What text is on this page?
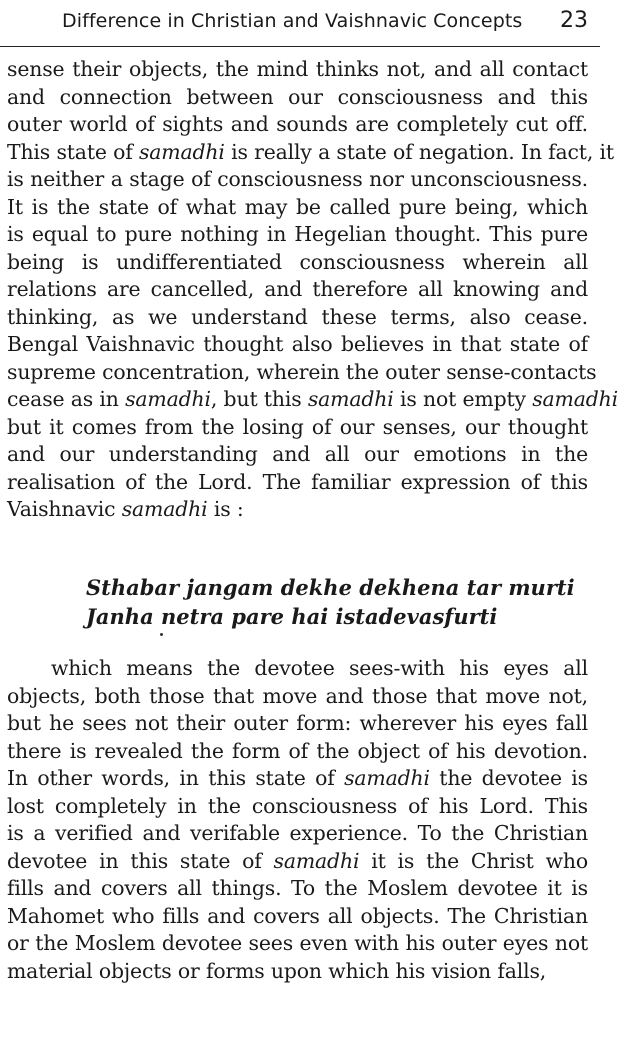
Difference in Christian and Vaishnavic Concepts 23

sense their objects, the mind thinks not, and all contact
and connection between our consciousness and this
outer world of sights and sounds are completely cut off.
This state of samadhi is really a state of negation. In fact, it
is neither a stage of consciousness nor unconsciousness.
It is the state of what may be called pure being, which
is equal to pure nothing in Hegelian thought. This pure
being is undifferentiated consciousness wherein all
relations are cancelled, and therefore all knowing and
thinking, as we understand these terms, also cease.
Bengal Vaishnavic thought also believes in that state of
supreme concentration, wherein the outer sense-contacts
cease as in samadhi, but this samadhi is not empty samadhi
but it comes from the losing of our senses, our thought
and our understanding and all our emotions in the
realisation of the Lord. The familiar expression of this
Vaishnavic samadhi is :

Sthabar jangam dekhe dekhena tar murti
Janha netra pare hai istadevasfurti

which means the devotee sees-with his eyes all
objects, both those that move and those that move not,
but he sees not their outer form: wherever his eyes fall
there is revealed the form of the object of his devotion.
In other words, in this state of samadhi the devotee is
lost completely in the consciousness of his Lord. This
is a verified and verifable experience. To the Christian
devotee in this state of samadhi it is the Christ who
fills and covers all things. To the Moslem devotee it is
Mahomet who fills and covers all objects. The Christian
or the Moslem devotee sees even with his outer eyes not
material objects or forms upon which his vision falls,
